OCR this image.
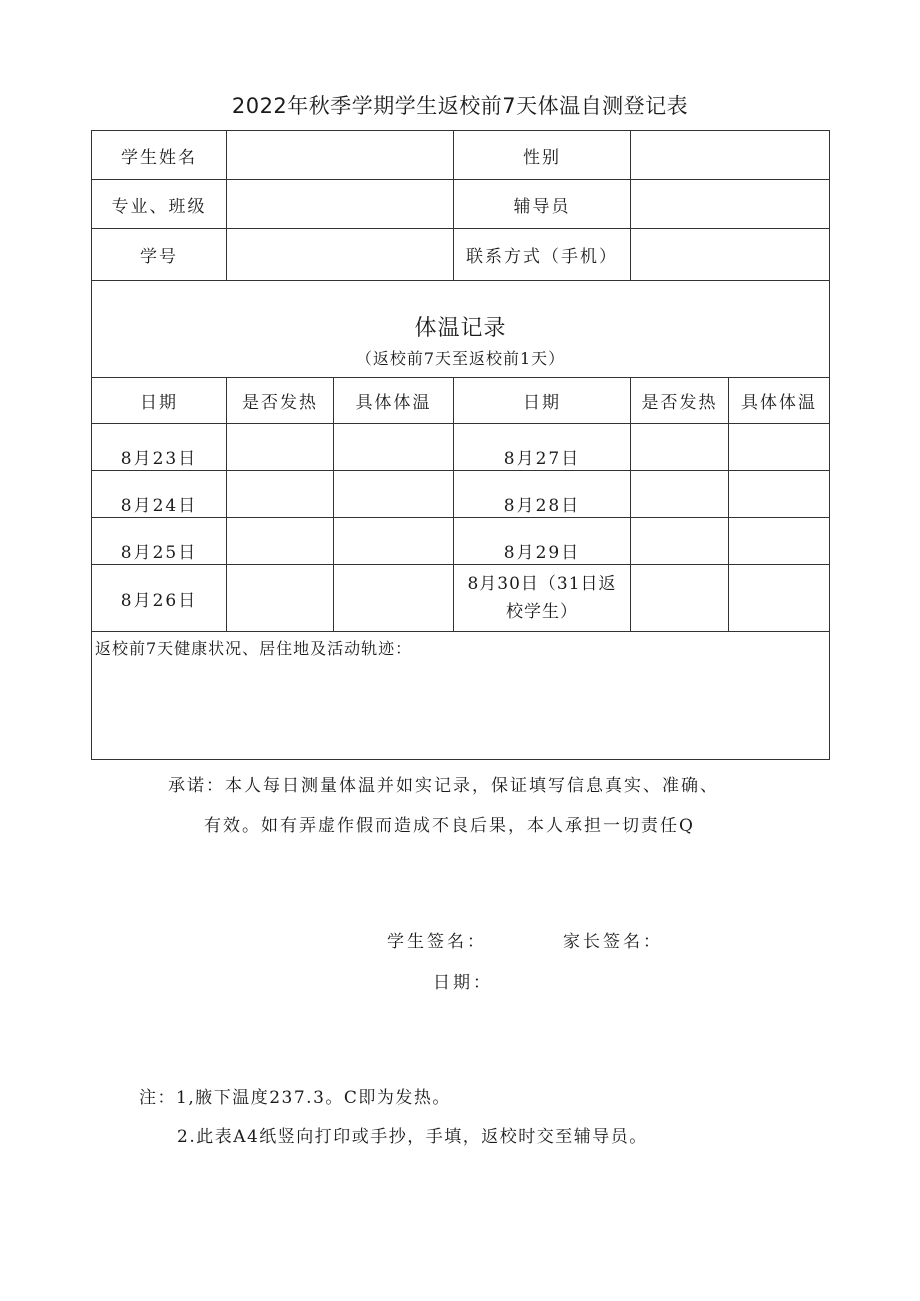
2022年秋季学期学生返校前7天体温自测登记表
学生姓名			性别		
专业、班级			辅导员		
学号			联系方式（手机）		

体温记录
（返校前7天至返校前1天）					

日期	是否发热	具体体温	日期	是否发热	具体体温
8月23日			8月27日		
8月24日			8月28日		
8月25日			8月29日		
8月26日			8月30日（31日返校学生）		

返校前7天健康状况、居住地及活动轨迹：					
承诺：本人每日测量体温并如实记录，保证填写信息真实、准确、
有效。如有弄虚作假而造成不良后果，本人承担一切责任Q
学生签名：	家长签名：
日期：
注：1,腋下温度237.3。C即为发热。
2.此表A4纸竖向打印或手抄，手填，返校时交至辅导员。
